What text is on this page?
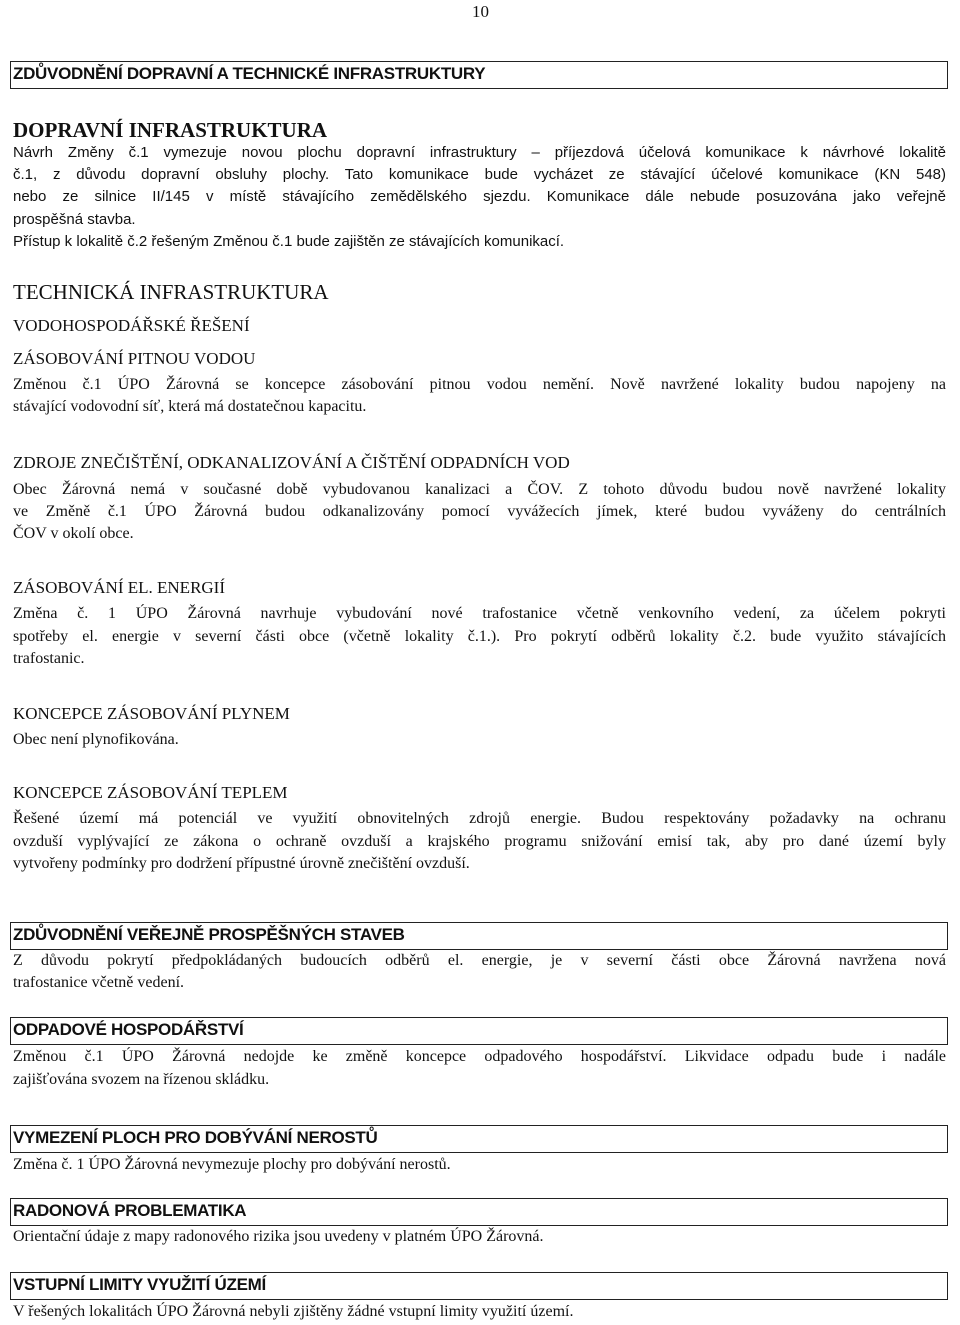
10
ZDŮVODNĚNÍ DOPRAVNÍ A TECHNICKÉ INFRASTRUKTURY
DOPRAVNÍ INFRASTRUKTURA
Návrh Změny č.1 vymezuje novou plochu dopravní infrastruktury – příjezdová účelová komunikace k návrhové lokalitě
č.1, z důvodu dopravní obsluhy plochy. Tato komunikace bude vycházet ze stávající účelové komunikace (KN 548)
nebo ze silnice II/145 v místě stávajícího zemědělského sjezdu. Komunikace dále nebude posuzována jako veřejně
prospěšná stavba.
Přístup k lokalitě č.2 řešeným Změnou č.1 bude zajištěn ze stávajících komunikací.
TECHNICKÁ INFRASTRUKTURA
VODOHOSPODÁŘSKÉ ŘEŠENÍ
ZÁSOBOVÁNÍ PITNOU VODOU
Změnou č.1 ÚPO Žárovná se koncepce zásobování pitnou vodou nemění. Nově navržené lokality budou napojeny na
stávající vodovodní síť, která má dostatečnou kapacitu.
ZDROJE ZNEČIŠTĚNÍ, ODKANALIZOVÁNÍ A ČIŠTĚNÍ ODPADNÍCH VOD
Obec Žárovná nemá v současné době vybudovanou kanalizaci a ČOV. Z tohoto důvodu budou nově navržené lokality
ve Změně č.1 ÚPO Žárovná budou odkanalizovány pomocí vyvážecích jímek, které budou vyváženy do centrálních
ČOV v okolí obce.
ZÁSOBOVÁNÍ EL. ENERGIÍ
Změna č. 1 ÚPO Žárovná navrhuje vybudování nové trafostanice včetně venkovního vedení, za účelem pokryti
spotřeby el. energie v severní části obce (včetně lokality č.1.). Pro pokrytí odběrů lokality č.2. bude využito stávajících
trafostanic.
KONCEPCE ZÁSOBOVÁNÍ PLYNEM
Obec není plynofikována.
KONCEPCE ZÁSOBOVÁNÍ TEPLEM
Řešené území má potenciál ve využití obnovitelných zdrojů energie. Budou respektovány požadavky na ochranu
ovzduší vyplývající ze zákona o ochraně ovzduší a krajského programu snižování emisí tak, aby pro dané území byly
vytvořeny podmínky pro dodržení přípustné úrovně znečištění ovzduší.
ZDŮVODNĚNÍ VEŘEJNĚ PROSPĚŠNÝCH STAVEB
Z důvodu pokrytí předpokládaných budoucích odběrů el. energie, je v severní části obce Žárovná navržena nová
trafostanice včetně vedení.
ODPADOVÉ HOSPODÁŘSTVÍ
Změnou č.1 ÚPO Žárovná nedojde ke změně koncepce odpadového hospodářství. Likvidace odpadu bude i nadále
zajišťována svozem na řízenou skládku.
VYMEZENÍ PLOCH PRO DOBÝVÁNÍ NEROSTŮ
Změna č. 1 ÚPO Žárovná nevymezuje plochy pro dobývání nerostů.
RADONOVÁ PROBLEMATIKA
Orientační údaje z mapy radonového rizika jsou uvedeny v platném ÚPO Žárovná.
VSTUPNÍ LIMITY VYUŽITÍ ÚZEMÍ
V řešených lokalitách ÚPO Žárovná nebyli zjištěny žádné vstupní limity využití území.
